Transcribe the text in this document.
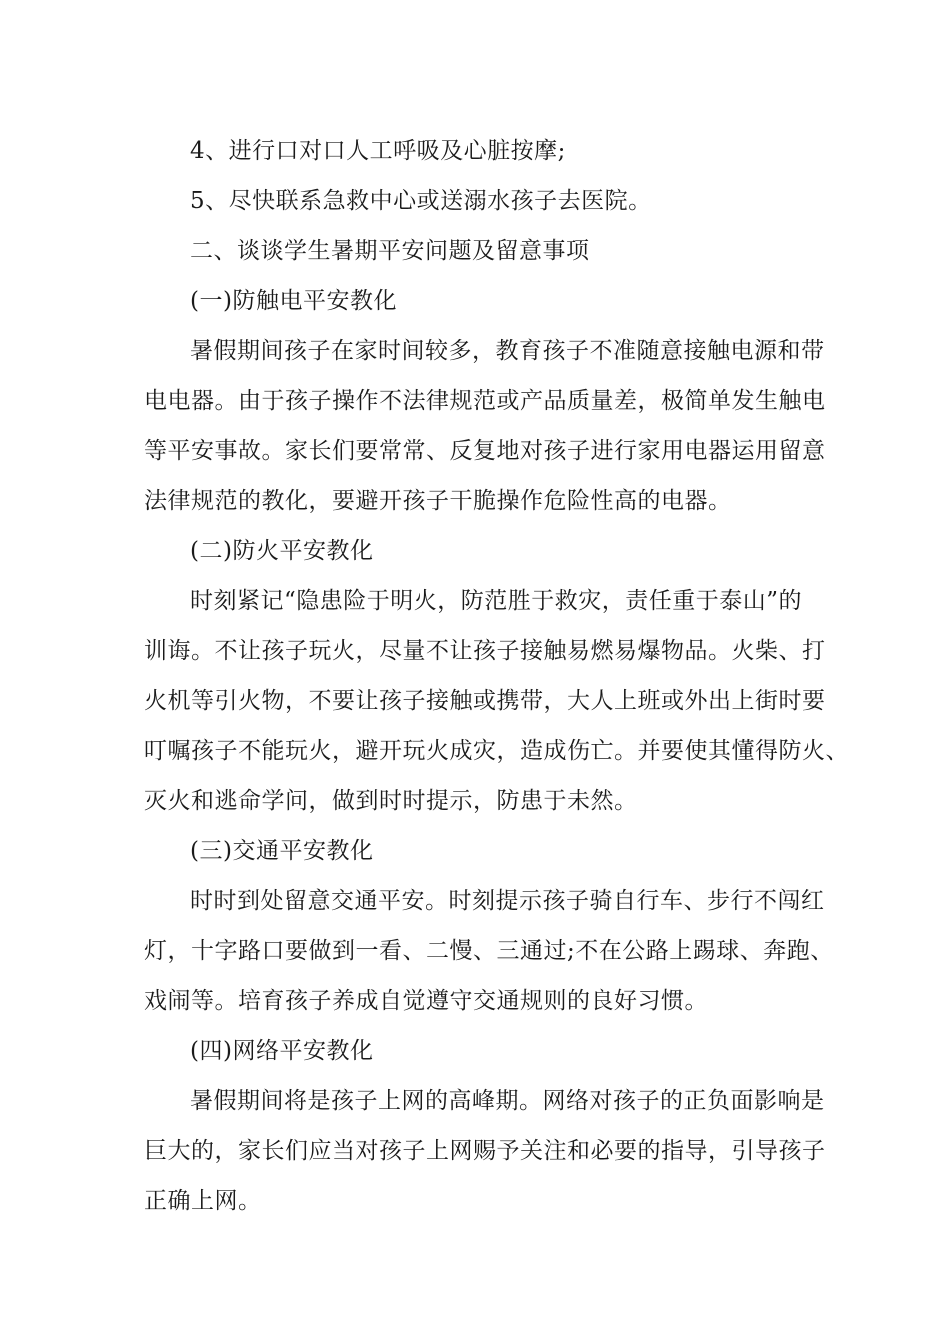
4、进行口对口人工呼吸及心脏按摩;
5、尽快联系急救中心或送溺水孩子去医院。
二、谈谈学生暑期平安问题及留意事项
(一)防触电平安教化
暑假期间孩子在家时间较多，教育孩子不准随意接触电源和带
电电器。由于孩子操作不法律规范或产品质量差，极简单发生触电
等平安事故。家长们要常常、反复地对孩子进行家用电器运用留意
法律规范的教化，要避开孩子干脆操作危险性高的电器。
(二)防火平安教化
时刻紧记“隐患险于明火，防范胜于救灾，责任重于泰山”的
训诲。不让孩子玩火，尽量不让孩子接触易燃易爆物品。火柴、打
火机等引火物，不要让孩子接触或携带，大人上班或外出上街时要
叮嘱孩子不能玩火，避开玩火成灾，造成伤亡。并要使其懂得防火、
灭火和逃命学问，做到时时提示，防患于未然。
(三)交通平安教化
时时到处留意交通平安。时刻提示孩子骑自行车、步行不闯红
灯，十字路口要做到一看、二慢、三通过;不在公路上踢球、奔跑、
戏闹等。培育孩子养成自觉遵守交通规则的良好习惯。
(四)网络平安教化
暑假期间将是孩子上网的高峰期。网络对孩子的正负面影响是
巨大的，家长们应当对孩子上网赐予关注和必要的指导，引导孩子
正确上网。
